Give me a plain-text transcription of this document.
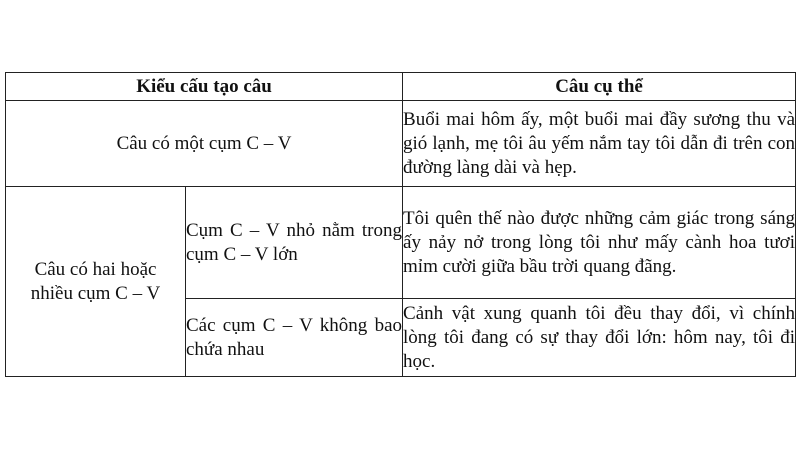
Kiểu cấu tạo câu		Câu cụ thể
Câu có một cụm C – V		Buổi mai hôm ấy, một buổi mai đầy sương thu và gió lạnh, mẹ tôi âu yếm nắm tay tôi dẫn đi trên con đường làng dài và hẹp.
Câu có hai hoặc nhiều cụm C – V	Cụm C – V nhỏ nằm trong cụm C – V lớn	Tôi quên thế nào được những cảm giác trong sáng ấy nảy nở trong lòng tôi như mấy cành hoa tươi mỉm cười giữa bầu trời quang đãng.
	Các cụm C – V không bao chứa nhau	Cảnh vật xung quanh tôi đều thay đổi, vì chính lòng tôi đang có sự thay đổi lớn: hôm nay, tôi đi học.
